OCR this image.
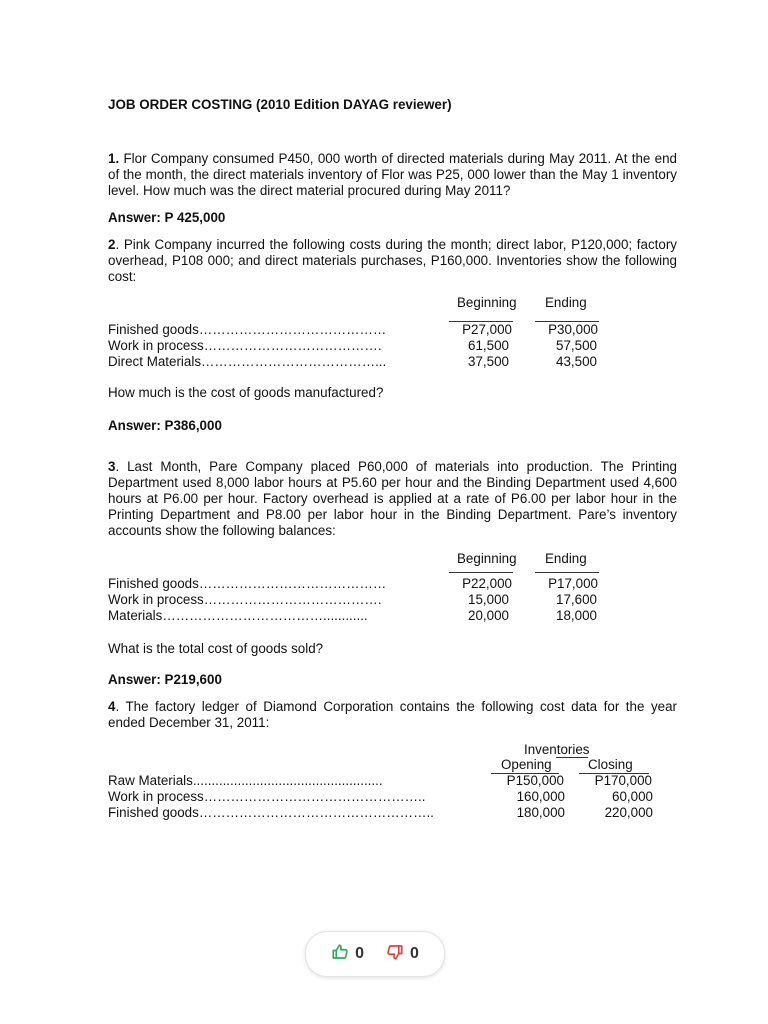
JOB ORDER COSTING (2010 Edition DAYAG reviewer)
1. Flor Company consumed P450, 000 worth of directed materials during May 2011. At the end of the month, the direct materials inventory of Flor was P25, 000 lower than the May 1 inventory level. How much was the direct material procured during May 2011?
Answer: P 425,000
2. Pink Company incurred the following costs during the month; direct labor, P120,000; factory overhead, P108 000; and direct materials purchases, P160,000. Inventories show the following cost:
Beginning Ending
Finished goods……………………………………	P27,000	P30,000
Work in process………………………………….	61,500	57,500
Direct Materials…………………………………...	37,500	43,500
How much is the cost of goods manufactured?
Answer: P386,000
3. Last Month, Pare Company placed P60,000 of materials into production. The Printing Department used 8,000 labor hours at P5.60 per hour and the Binding Department used 4,600 hours at P6.00 per hour. Factory overhead is applied at a rate of P6.00 per labor hour in the Printing Department and P8.00 per labor hour in the Binding Department. Pare’s inventory accounts show the following balances:
Beginning Ending
Finished goods……………………………………	P22,000	P17,000
Work in process………………………………….	15,000	17,600
Materials………………………………............	20,000	18,000
What is the total cost of goods sold?
Answer: P219,600
4. The factory ledger of Diamond Corporation contains the following cost data for the year ended December 31, 2011:
Inventories
Opening	Closing
Raw Materials...................................................	P150,000	P170,000
Work in process…………………………………………..	160,000	60,000
Finished goods……………………………………………..	180,000	220,000
0	0
